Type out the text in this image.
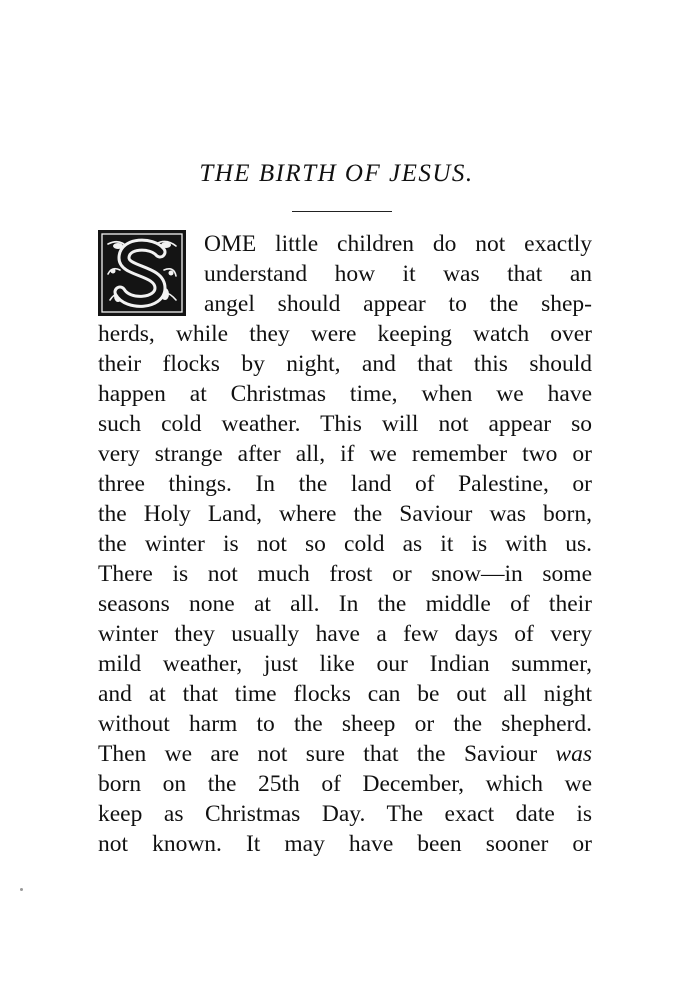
THE BIRTH OF JESUS.
S
OME little children do not exactly
understand how it was that an
angel should appear to the shep-
herds, while they were keeping watch over
their flocks by night, and that this should
happen at Christmas time, when we have
such cold weather. This will not appear so
very strange after all, if we remember two or
three things. In the land of Palestine, or
the Holy Land, where the Saviour was born,
the winter is not so cold as it is with us.
There is not much frost or snow—in some
seasons none at all. In the middle of their
winter they usually have a few days of very
mild weather, just like our Indian summer,
and at that time flocks can be out all night
without harm to the sheep or the shepherd.
Then we are not sure that the Saviour was
born on the 25th of December, which we
keep as Christmas Day. The exact date is
not known. It may have been sooner or
